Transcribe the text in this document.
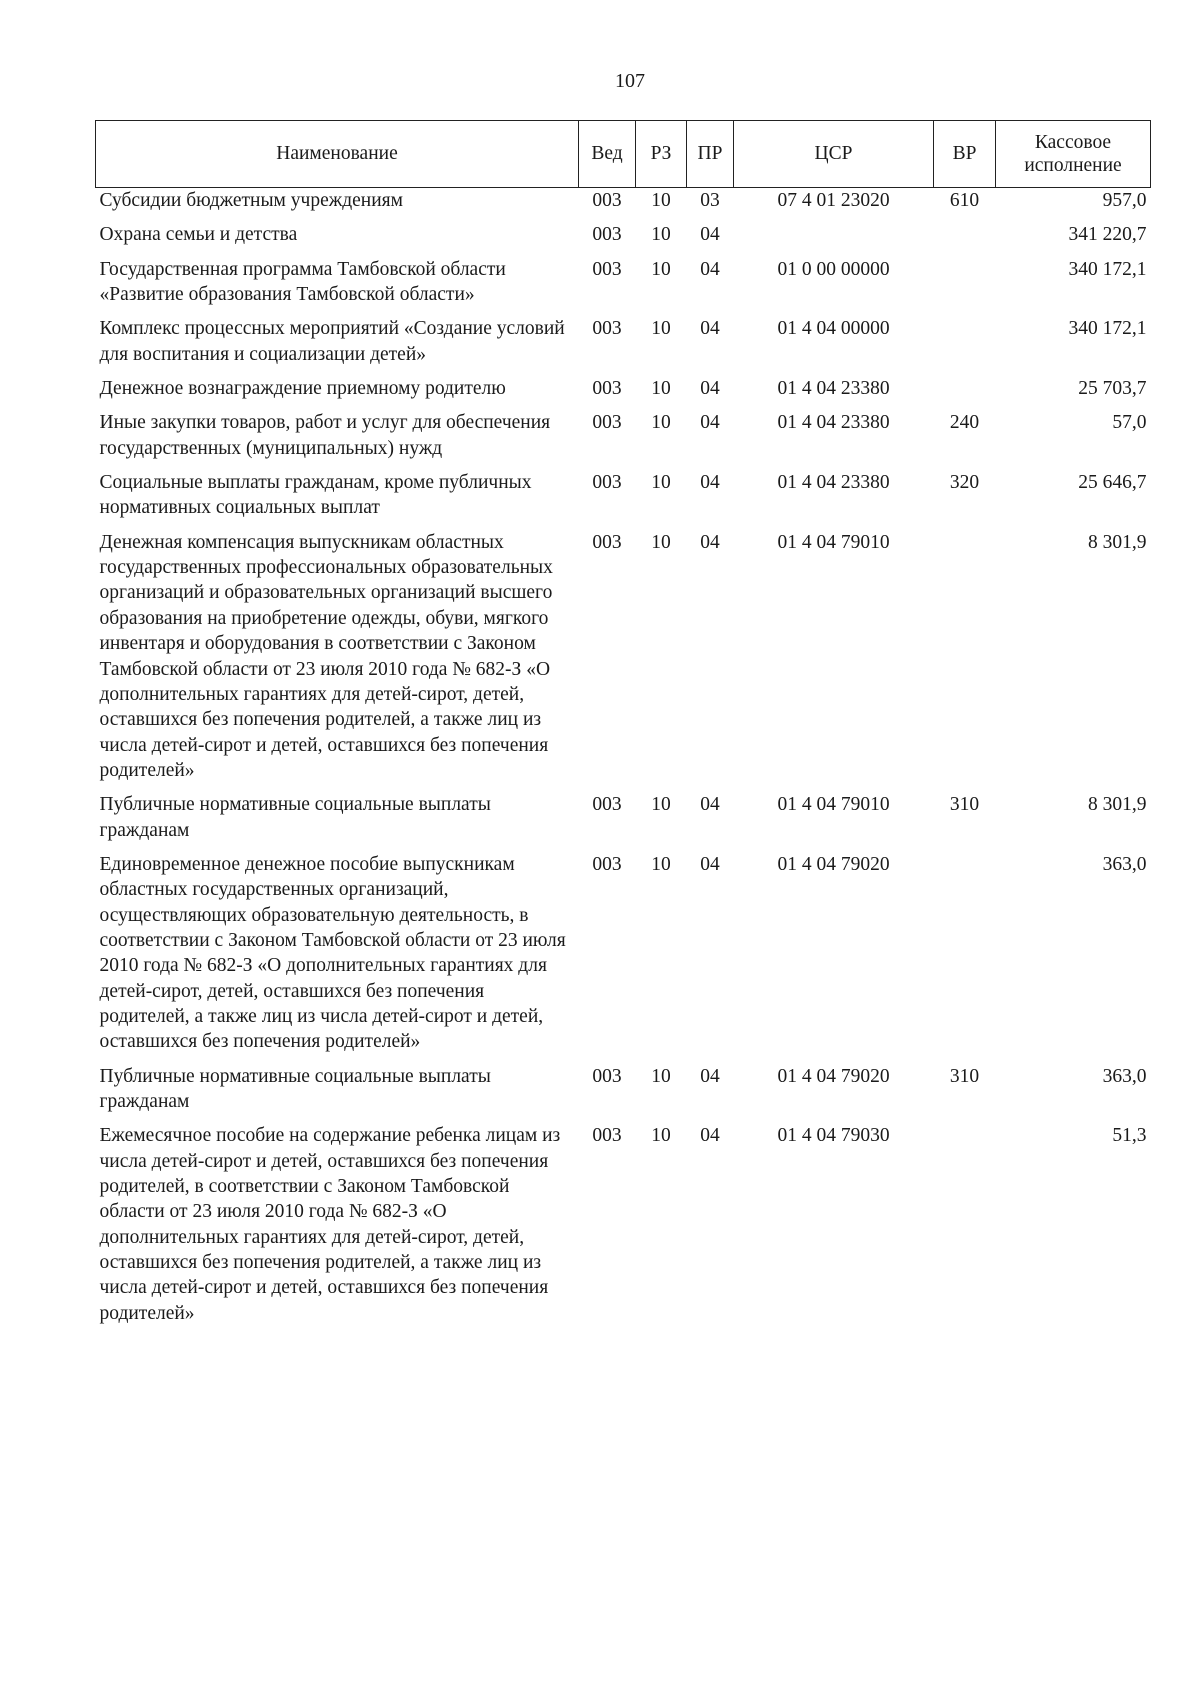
107
Наименование	Вед	РЗ	ПР	ЦСР	ВР	Кассовое исполнение
Субсидии бюджетным учреждениям	003	10	03	07 4 01 23020	610	957,0
Охрана семьи и детства	003	10	04			341 220,7
Государственная программа Тамбовской области «Развитие образования Тамбовской области»	003	10	04	01 0 00 00000		340 172,1
Комплекс процессных мероприятий «Создание условий для воспитания и социализации детей»	003	10	04	01 4 04 00000		340 172,1
Денежное вознаграждение приемному родителю	003	10	04	01 4 04 23380		25 703,7
Иные закупки товаров, работ и услуг для обеспечения государственных (муниципальных) нужд	003	10	04	01 4 04 23380	240	57,0
Социальные выплаты гражданам, кроме публичных нормативных социальных выплат	003	10	04	01 4 04 23380	320	25 646,7
Денежная компенсация выпускникам областных государственных профессиональных образовательных организаций и образовательных организаций высшего образования на приобретение одежды, обуви, мягкого инвентаря и оборудования в соответствии с Законом Тамбовской области от 23 июля 2010 года № 682-З «О дополнительных гарантиях для детей-сирот, детей, оставшихся без попечения родителей, а также лиц из числа детей-сирот и детей, оставшихся без попечения родителей»	003	10	04	01 4 04 79010		8 301,9
Публичные нормативные социальные выплаты гражданам	003	10	04	01 4 04 79010	310	8 301,9
Единовременное денежное пособие выпускникам областных государственных организаций, осуществляющих образовательную деятельность, в соответствии с Законом Тамбовской области от 23 июля 2010 года № 682-З «О дополнительных гарантиях для детей-сирот, детей, оставшихся без попечения родителей, а также лиц из числа детей-сирот и детей, оставшихся без попечения родителей»	003	10	04	01 4 04 79020		363,0
Публичные нормативные социальные выплаты гражданам	003	10	04	01 4 04 79020	310	363,0
Ежемесячное пособие на содержание ребенка лицам из числа детей-сирот и детей, оставшихся без попечения родителей, в соответствии с Законом Тамбовской области от 23 июля 2010 года № 682-З «О дополнительных гарантиях для детей-сирот, детей, оставшихся без попечения родителей, а также лиц из числа детей-сирот и детей, оставшихся без попечения родителей»	003	10	04	01 4 04 79030		51,3
